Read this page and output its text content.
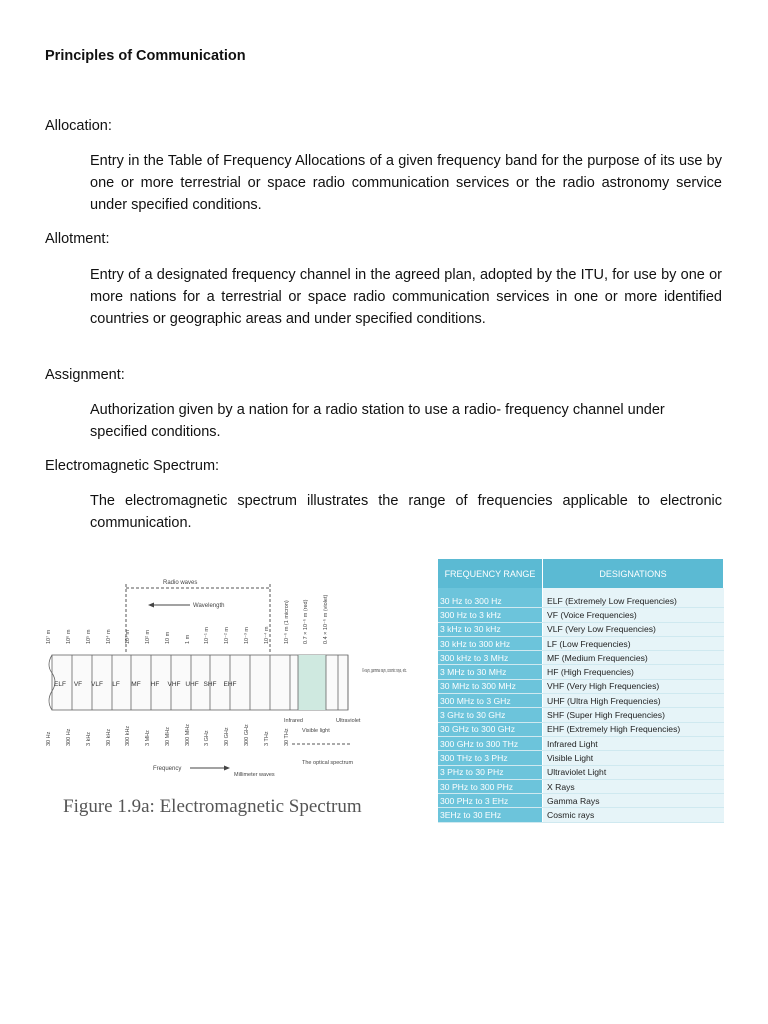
Principles of Communication
Allocation:
Entry in the Table of Frequency Allocations of a given frequency band for the purpose of its use by one or more terrestrial or space radio communication services or the radio astronomy service under specified conditions.
Allotment:
Entry of a designated frequency channel in the agreed plan, adopted by the ITU, for use by one or more nations for a terrestrial or space radio communication services in one or more identified countries or geographic areas and under specified conditions.
Assignment:
Authorization given by a nation for a radio station to use a radio- frequency channel under specified conditions.
Electromagnetic Spectrum:
The electromagnetic spectrum illustrates the range of frequencies applicable to electronic communication.
Radio waves
Wavelength
10⁷ m	10⁶ m	10⁵ m	10⁴ m 10³ m	10² m	10 m	1 m 10⁻¹ m	10⁻² m	10⁻³ m	10⁻⁴ m	10⁻⁶ m (1 micron) 0.7 × 10⁻⁶ m (red)	0.4 × 10⁻⁶ m (violet)
ELF VF VLF LF MF HF VHF UHF SHF EHF
X-rays, gamma rays, cosmic rays, etc.
Infrared	Ultraviolet
Visible light
The optical spectrum
30 Hz	300 Hz	3 kHz	30 kHz 300 kHz	3 MHz	30 MHz	300 MHz 3 GHz	30 GHz	300 GHz	3 THz	30 THz
Frequency
Millimeter waves
Figure 1.9a: Electromagnetic Spectrum
FREQUENCY RANGE	DESIGNATIONS
30 Hz to 300 Hz	ELF (Extremely Low Frequencies)
300 Hz to 3 kHz	VF (Voice Frequencies)
3 kHz to 30 kHz	VLF (Very Low Frequencies)
30 kHz to 300 kHz	LF (Low Frequencies)
300 kHz to 3 MHz	MF (Medium Frequencies)
3 MHz to 30 MHz	HF (High Frequencies)
30 MHz to 300 MHz	VHF (Very High Frequencies)
300 MHz to 3 GHz	UHF (Ultra High Frequencies)
3 GHz to 30 GHz	SHF (Super High Frequencies)
30 GHz to 300 GHz	EHF (Extremely High Frequencies)
300 GHz to 300 THz	Infrared Light
300 THz to 3 PHz	Visible Light
3 PHz to 30 PHz	Ultraviolet Light
30 PHz to 300 PHz	X Rays
300 PHz to 3 EHz	Gamma Rays
3EHz to 30 EHz	Cosmic rays
